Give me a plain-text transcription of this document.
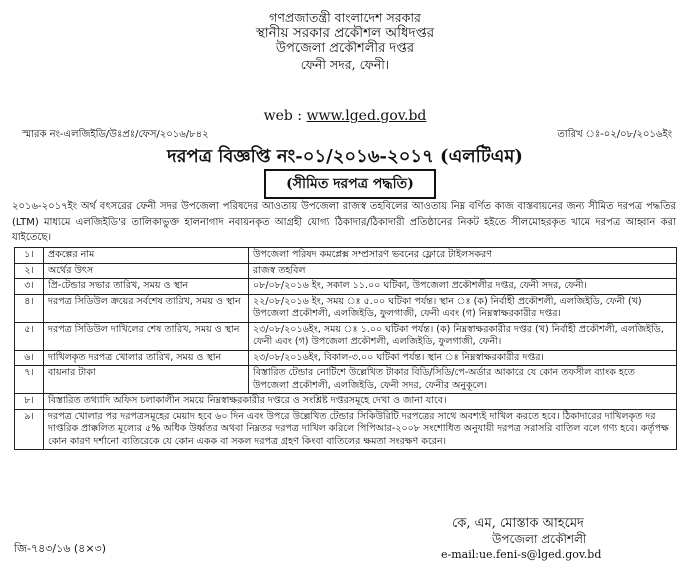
গণপ্রজাতন্ত্রী বাংলাদেশ সরকার
স্থানীয় সরকার প্রকৌশল অধিদপ্তর
উপজেলা প্রকৌশলীর দপ্তর
ফেনী সদর, ফেনী।
web : www.lged.gov.bd
স্মারক নং-এলজিইডি/উঃপ্রঃ/ফেস/২০১৬/৮৪২	তারিখ ঃ-০২/০৮/২০১৬ইং
দরপত্র বিজ্ঞপ্তি নং-০১/২০১৬-২০১৭ (এলটিএম)
(সীমিত দরপত্র পদ্ধতি)
২০১৬-২০১৭ইং অর্থ বৎসরের ফেনী সদর উপজেলা পরিষদের আওতায় উপজেলা রাজস্ব তহবিলের আওতায় নিম্ন বর্ণিত কাজ বাস্তবায়নের জন্য সীমিত দরপত্র পদ্ধতির (LTM) মাধ্যমে এলজিইডি'র তালিকাভুক্ত হালনাগাদ নবায়নকৃত আগ্রহী যোগ্য ঠিকাদার/ঠিকাদারী প্রতিষ্ঠানের নিকট হইতে সীলমোহরকৃত খামে দরপত্র আহ্বান করা যাইতেছে।
১।	প্রকল্পের নাম	উপজেলা পরিষদ কমপ্লেক্স সম্প্রসারণ ভবনের ফ্লোরে টাইলসকরণ
২।	অর্থের উৎস	রাজস্ব তহবিল
৩।	প্রি-টেন্ডার সভার তারিখ, সময় ও স্থান	০৮/০৮/২০১৬ ইং, সকাল ১১.০০ ঘটিকা, উপজেলা প্রকৌশলীর দপ্তর, ফেনী সদর, ফেনী।
৪।	দরপত্র সিডিউল ক্রয়ের সর্বশেষ তারিখ, সময় ও স্থান	২২/০৮/২০১৬ ইং, সময় ঃ ৫.০০ ঘটিকা পর্যন্ত। স্থান ঃ (ক) নির্বাহী প্রকৌশলী, এলজিইডি, ফেনী (খ) উপজেলা প্রকৌশলী, এলজিইডি, ফুলগাজী, ফেনী এবং (গ) নিম্নস্বাক্ষরকারীর দপ্তর।
৫।	দরপত্র সিডিউল দাখিলের শেষ তারিখ, সময় ও স্থান	২৩/০৮/২০১৬ইং, সময় ঃ ১.০০ ঘটিকা পর্যন্ত। (ক) নিম্নস্বাক্ষরকারীর দপ্তর (খ) নির্বাহী প্রকৌশলী, এলজিইডি, ফেনী এবং (গ) উপজেলা প্রকৌশলী, এলজিইডি, ফুলগাজী, ফেনী।
৬।	দাখিলকৃত দরপত্র খোলার তারিখ, সময় ও স্থান	২৩/০৮/২০১৬ইং, বিকাল-৩.০০ ঘটিকা পর্যন্ত। স্থান ঃ নিম্নস্বাক্ষরকারীর দপ্তর।
৭।	বায়নার টাকা	বিস্তারিত টেন্ডার নোটিশে উল্লেখিত টাকার বিডি/সিডি/পে-অর্ডার আকারে যে কোন তফসীল ব্যাংক হতে উপজেলা প্রকৌশলী, এলজিইডি, ফেনী সদর, ফেনীর অনুকূলে।
৮।	বিস্তারিত তথ্যাদি অফিস চলাকালীন সময়ে নিম্নস্বাক্ষরকারীর দপ্তরে ও সংশ্লিষ্ট দপ্তরসমূহে দেখা ও জানা যাবে।	
৯।	দরপত্র খোলার পর দরপত্রসমূহের মেয়াদ হবে ৬০ দিন এবং উপরে উল্লেখিত টেন্ডার সিকিউরিটি দরপত্রের সাথে অবশ্যই দাখিল করতে হবে। ঠিকাদারের দাখিলকৃত দর দাপ্তরিক প্রাক্কলিত মূল্যের ৫% অধিক উর্ধ্বতর অথবা নিম্নতর দরপত্র দাখিল করিলে পিপিআর-২০০৮ সংশোধিত অনুযায়ী দরপত্র সরাসরি বাতিল বলে গণ্য হবে। কর্তৃপক্ষ কোন কারণ দর্শানো ব্যতিরেকে যে কোন একক বা সকল দরপত্র গ্রহণ কিংবা বাতিলের ক্ষমতা সংরক্ষণ করেন।	
জি-৭৪৩/১৬ (৪×৩)
কে, এম, মোস্তাক আহমেদ
উপজেলা প্রকৌশলী
e-mail:ue.feni-s@lged.gov.bd
